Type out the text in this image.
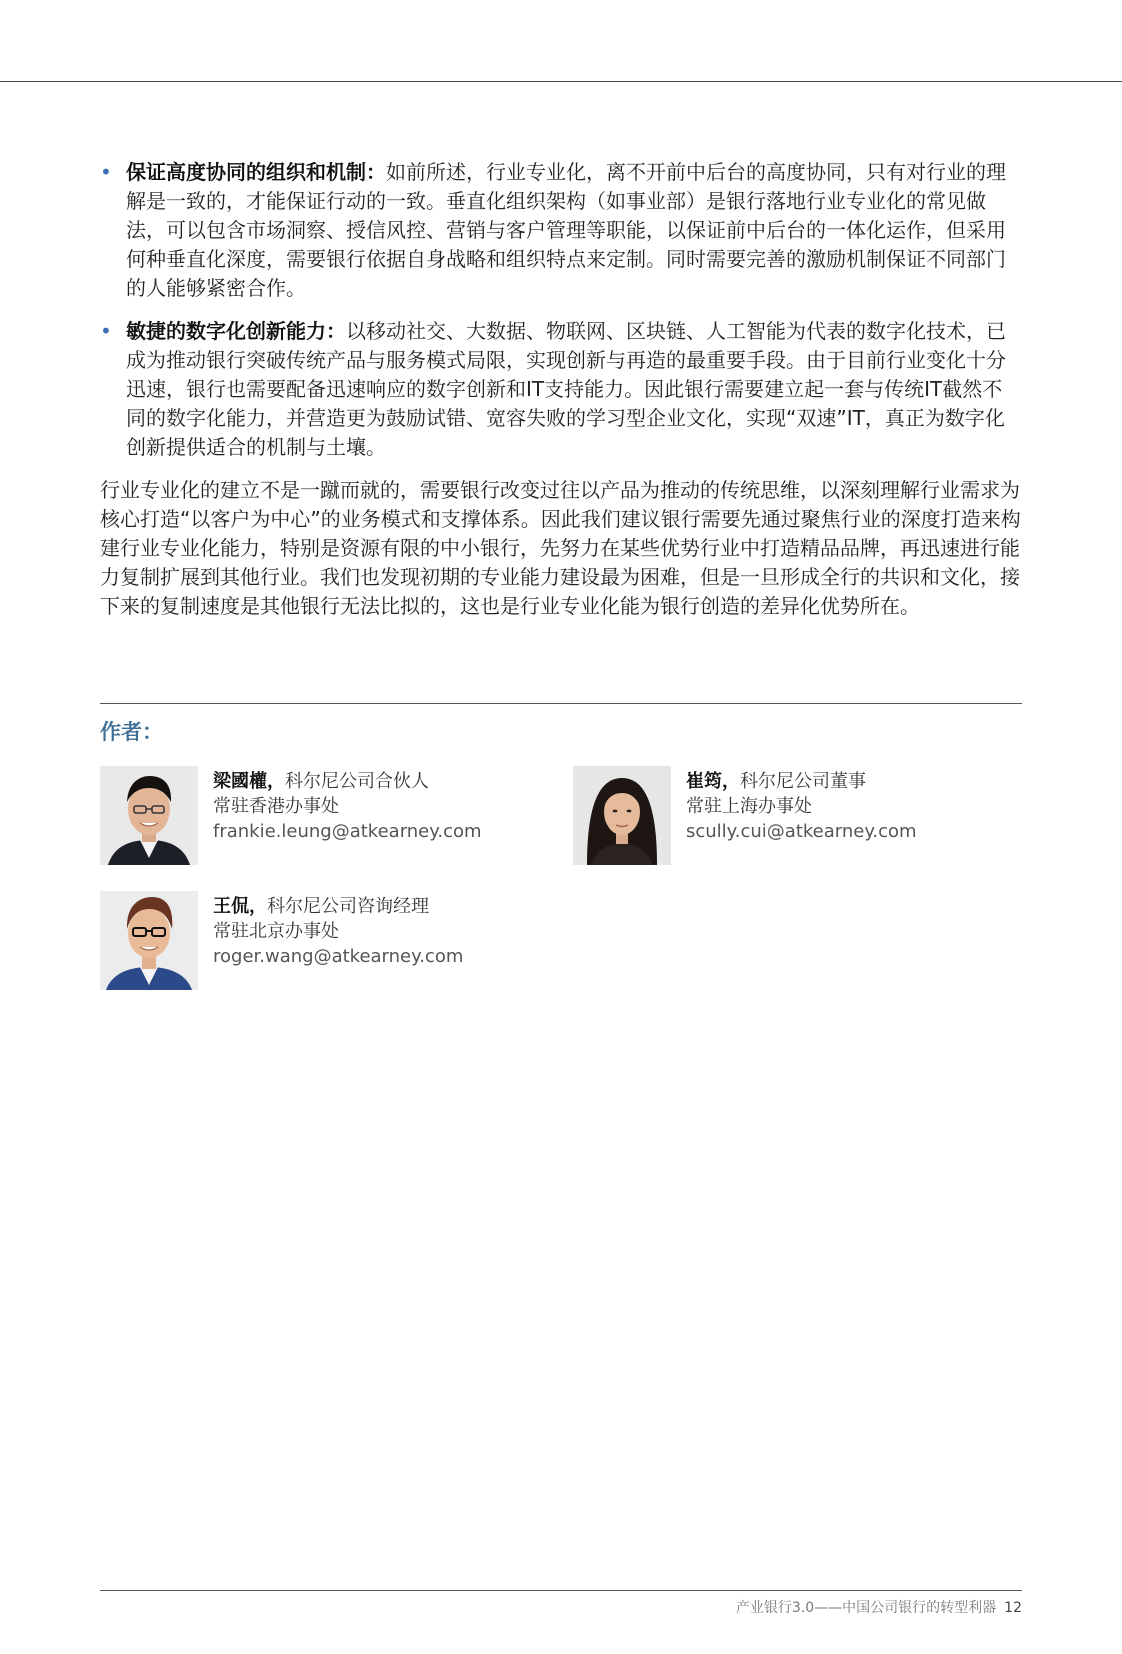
• 保证高度协同的组织和机制：如前所述，行业专业化，离不开前中后台的高度协同，只有对行业的理解是一致的，才能保证行动的一致。垂直化组织架构（如事业部）是银行落地行业专业化的常见做法，可以包含市场洞察、授信风控、营销与客户管理等职能，以保证前中后台的一体化运作，但采用何种垂直化深度，需要银行依据自身战略和组织特点来定制。同时需要完善的激励机制保证不同部门的人能够紧密合作。
• 敏捷的数字化创新能力：以移动社交、大数据、物联网、区块链、人工智能为代表的数字化技术，已成为推动银行突破传统产品与服务模式局限，实现创新与再造的最重要手段。由于目前行业变化十分迅速，银行也需要配备迅速响应的数字创新和IT支持能力。因此银行需要建立起一套与传统IT截然不同的数字化能力，并营造更为鼓励试错、宽容失败的学习型企业文化，实现“双速”IT，真正为数字化创新提供适合的机制与土壤。

行业专业化的建立不是一蹴而就的，需要银行改变过往以产品为推动的传统思维，以深刻理解行业需求为核心打造“以客户为中心”的业务模式和支撑体系。因此我们建议银行需要先通过聚焦行业的深度打造来构建行业专业化能力，特别是资源有限的中小银行，先努力在某些优势行业中打造精品品牌，再迅速进行能力复制扩展到其他行业。我们也发现初期的专业能力建设最为困难，但是一旦形成全行的共识和文化，接下来的复制速度是其他银行无法比拟的，这也是行业专业化能为银行创造的差异化优势所在。

作者：
梁國權，科尔尼公司合伙人
常驻香港办事处
frankie.leung@atkearney.com
崔筠，科尔尼公司董事
常驻上海办事处
scully.cui@atkearney.com
王侃，科尔尼公司咨询经理
常驻北京办事处
roger.wang@atkearney.com
产业银行3.0——中国公司银行的转型利器 12
